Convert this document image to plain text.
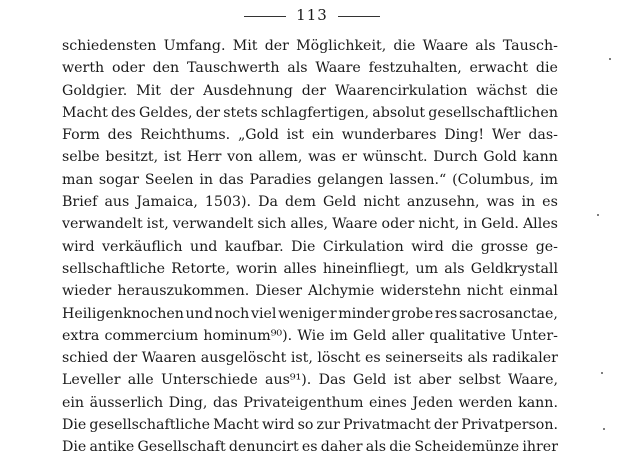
113
schiedensten Umfang. Mit der Möglichkeit, die Waare als Tausch-
werth oder den Tauschwerth als Waare festzuhalten, erwacht die
Goldgier. Mit der Ausdehnung der Waarencirkulation wächst die
Macht des Geldes, der stets schlagfertigen, absolut gesellschaftlichen
Form des Reichthums. „Gold ist ein wunderbares Ding! Wer das-
selbe besitzt, ist Herr von allem, was er wünscht. Durch Gold kann
man sogar Seelen in das Paradies gelangen lassen.“ (Columbus, im
Brief aus Jamaica, 1503). Da dem Geld nicht anzusehn, was in es
verwandelt ist, verwandelt sich alles, Waare oder nicht, in Geld. Alles
wird verkäuflich und kaufbar. Die Cirkulation wird die grosse ge-
sellschaftliche Retorte, worin alles hineinfliegt, um als Geldkrystall
wieder herauszukommen. Dieser Alchymie widerstehn nicht einmal
Heiligenknochen und noch viel weniger minder grobe res sacrosanctae,
extra commercium hominum⁹⁰). Wie im Geld aller qualitative Unter-
schied der Waaren ausgelöscht ist, löscht es seinerseits als radikaler
Leveller alle Unterschiede aus⁹¹). Das Geld ist aber selbst Waare,
ein äusserlich Ding, das Privateigenthum eines Jeden werden kann.
Die gesellschaftliche Macht wird so zur Privatmacht der Privatperson.
Die antike Gesellschaft denuncirt es daher als die Scheidemünze ihrer
